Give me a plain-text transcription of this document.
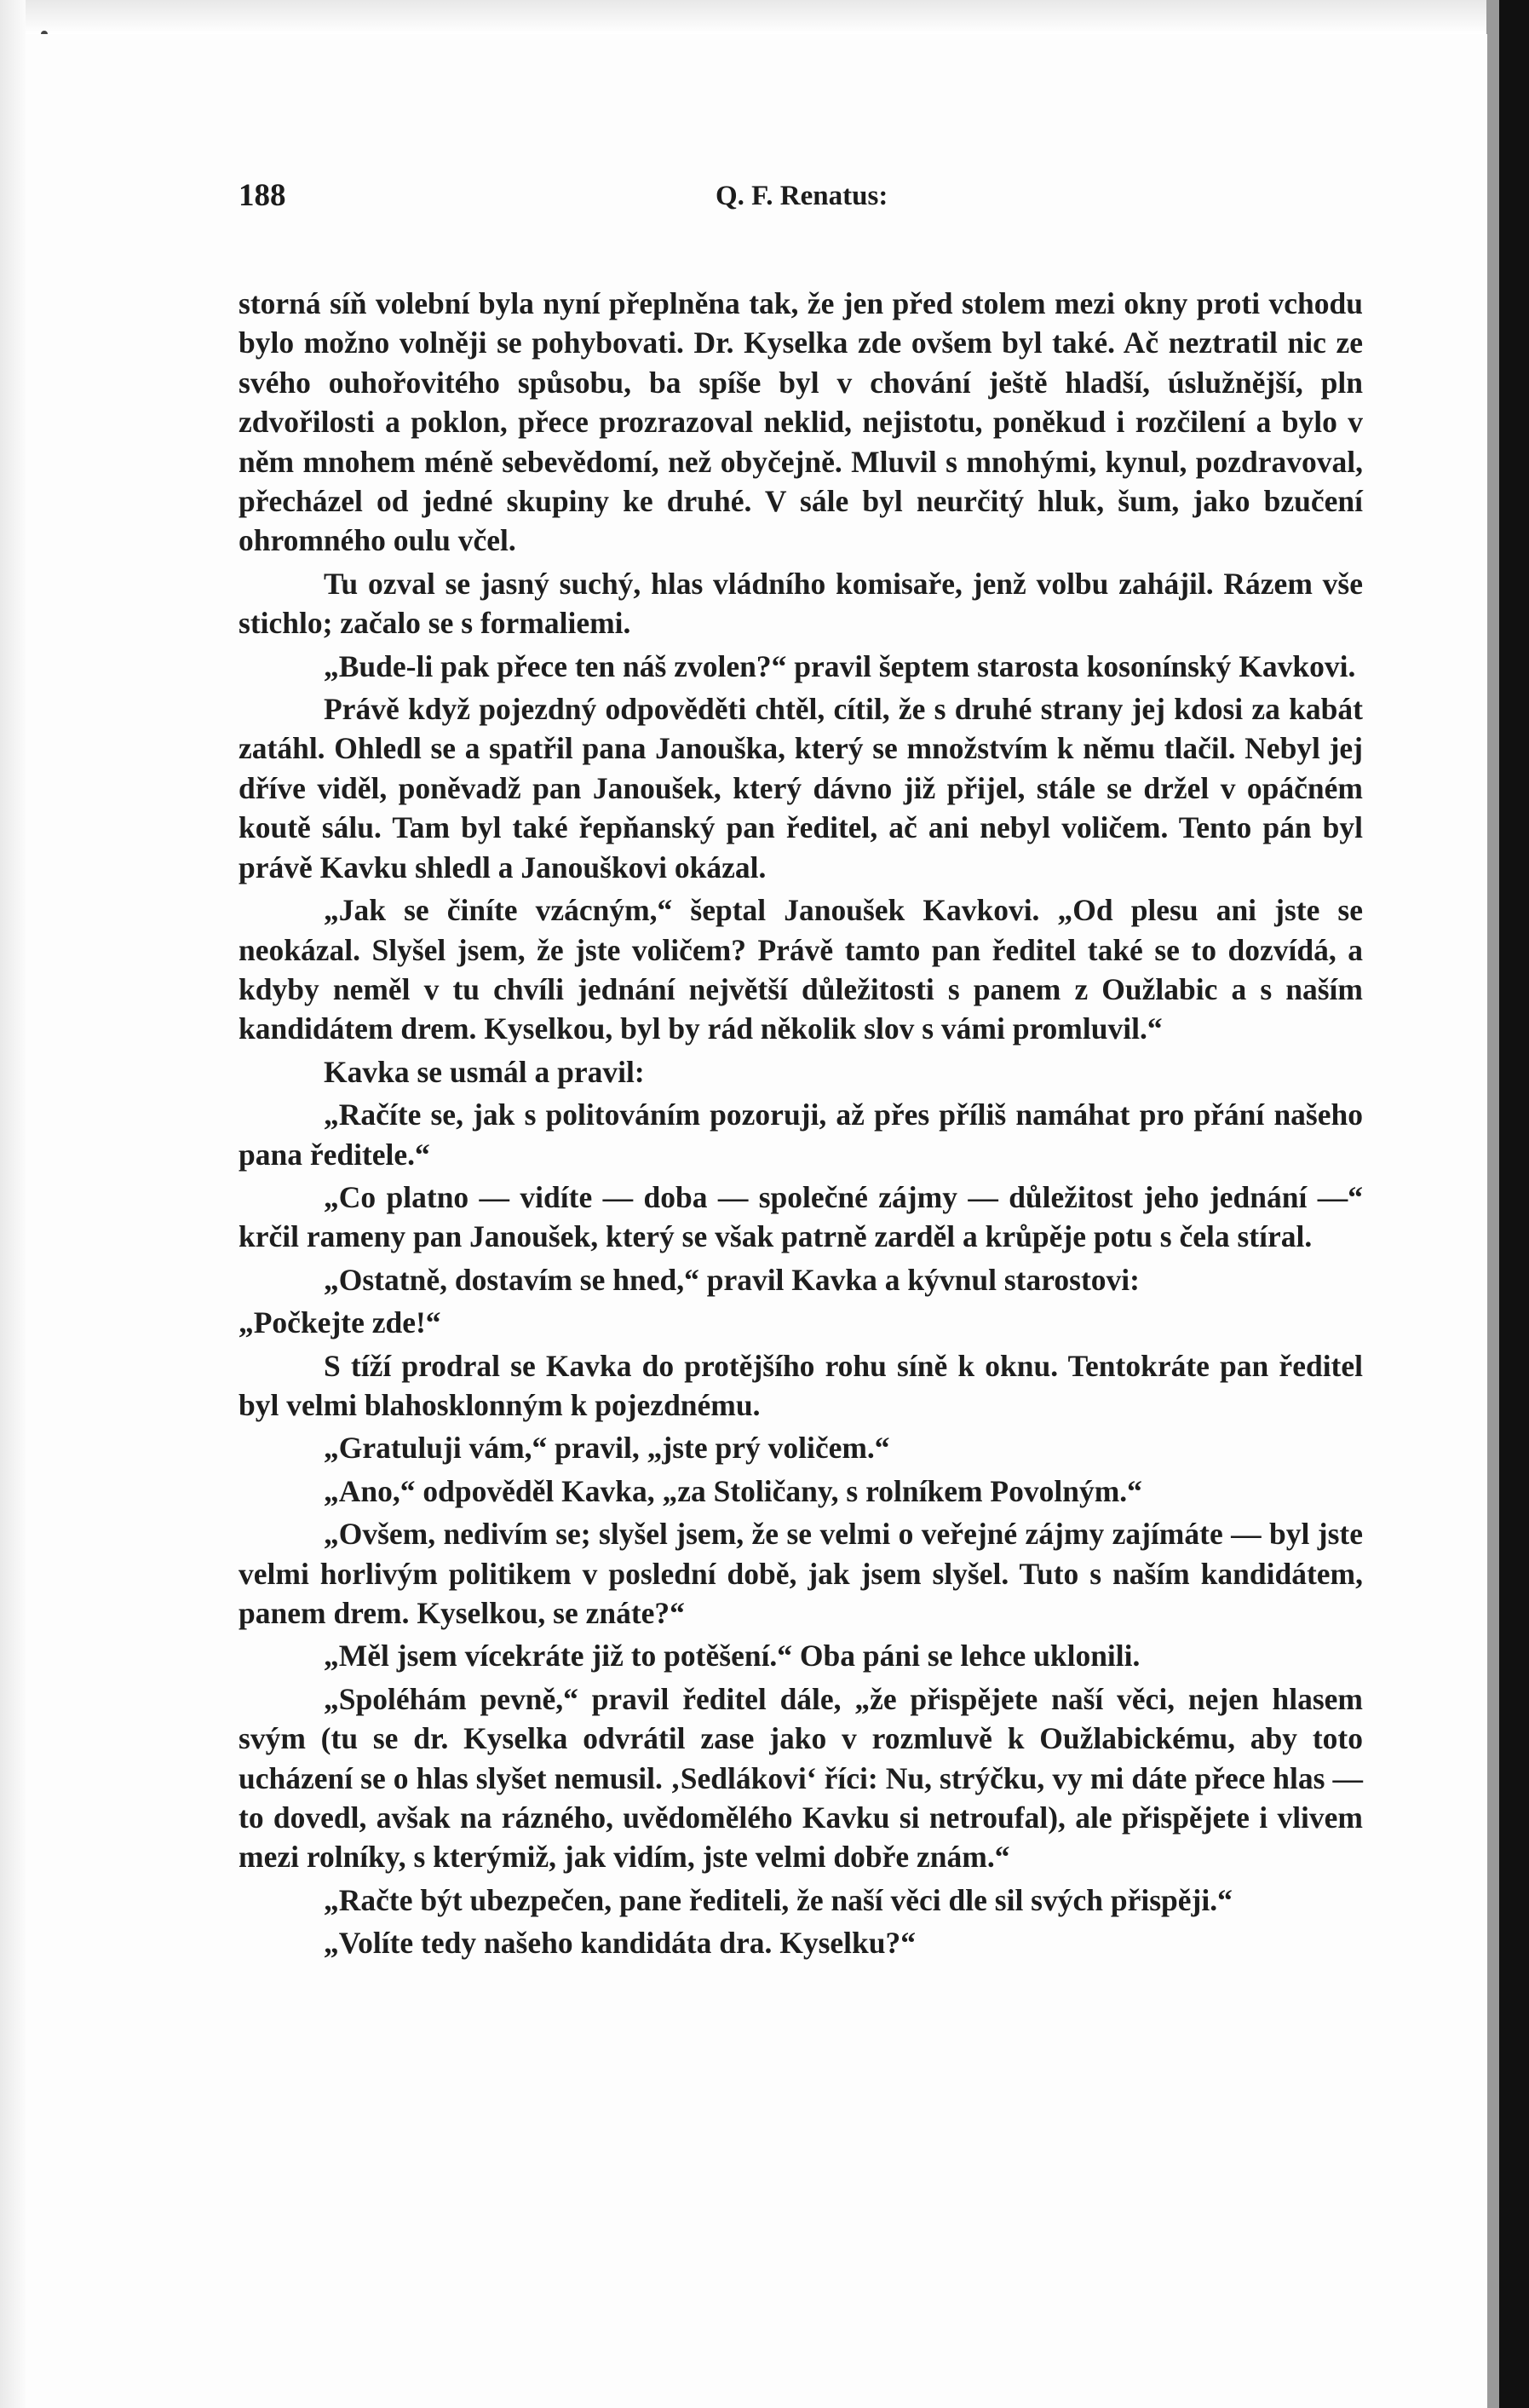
188	Q. F. Renatus:

storná síň volební byla nyní přeplněna tak, že jen před stolem mezi okny proti vchodu bylo možno volněji se pohybovati. Dr. Kyselka zde ovšem byl také. Ač neztratil nic ze svého ouhořovitého spůsobu, ba spíše byl v chování ještě hladší, úslužnější, pln zdvořilosti a poklon, přece prozrazoval neklid, nejistotu, poněkud i rozčilení a bylo v něm mnohem méně sebevědomí, než obyčejně. Mluvil s mnohými, kynul, pozdravoval, přecházel od jedné skupiny ke druhé. V sále byl neurčitý hluk, šum, jako bzučení ohromného oulu včel.

Tu ozval se jasný suchý, hlas vládního komisaře, jenž volbu zahájil. Rázem vše stichlo; začalo se s formaliemi.

„Bude-li pak přece ten náš zvolen?“ pravil šeptem starosta kosonínský Kavkovi.

Právě když pojezdný odpověděti chtěl, cítil, že s druhé strany jej kdosi za kabát zatáhl. Ohledl se a spatřil pana Janouška, který se množstvím k němu tlačil. Nebyl jej dříve viděl, poněvadž pan Janoušek, který dávno již přijel, stále se držel v opáčném koutě sálu. Tam byl také řepňanský pan ředitel, ač ani nebyl voličem. Tento pán byl právě Kavku shledl a Janouškovi okázal.

„Jak se činíte vzácným,“ šeptal Janoušek Kavkovi. „Od plesu ani jste se neokázal. Slyšel jsem, že jste voličem? Právě tamto pan ředitel také se to dozvídá, a kdyby neměl v tu chvíli jednání největší důležitosti s panem z Oužlabic a s naším kandidátem drem. Kyselkou, byl by rád několik slov s vámi promluvil.“

Kavka se usmál a pravil:

„Račíte se, jak s politováním pozoruji, až přes příliš namáhat pro přání našeho pana ředitele.“

„Co platno — vidíte — doba — společné zájmy — důležitost jeho jednání —“ krčil rameny pan Janoušek, který se však patrně zarděl a krůpěje potu s čela stíral.

„Ostatně, dostavím se hned,“ pravil Kavka a kývnul starostovi:

„Počkejte zde!“

S tíží prodral se Kavka do protějšího rohu síně k oknu. Tentokráte pan ředitel byl velmi blahosklonným k pojezdnému.

„Gratuluji vám,“ pravil, „jste prý voličem.“

„Ano,“ odpověděl Kavka, „za Stoličany, s rolníkem Povolným.“

„Ovšem, nedivím se; slyšel jsem, že se velmi o veřejné zájmy zajímáte — byl jste velmi horlivým politikem v poslední době, jak jsem slyšel. Tuto s naším kandidátem, panem drem. Kyselkou, se znáte?“

„Měl jsem vícekráte již to potěšení.“ Oba páni se lehce uklonili.

„Spoléhám pevně,“ pravil ředitel dále, „že přispějete naší věci, nejen hlasem svým (tu se dr. Kyselka odvrátil zase jako v rozmluvě k Oužlabickému, aby toto ucházení se o hlas slyšet nemusil. ‚Sedlákovi‘ říci: Nu, strýčku, vy mi dáte přece hlas — to dovedl, avšak na rázného, uvědomělého Kavku si netroufal), ale přispějete i vlivem mezi rolníky, s kterýmiž, jak vidím, jste velmi dobře znám.“

„Račte být ubezpečen, pane řediteli, že naší věci dle sil svých přispěji.“

„Volíte tedy našeho kandidáta dra. Kyselku?“
